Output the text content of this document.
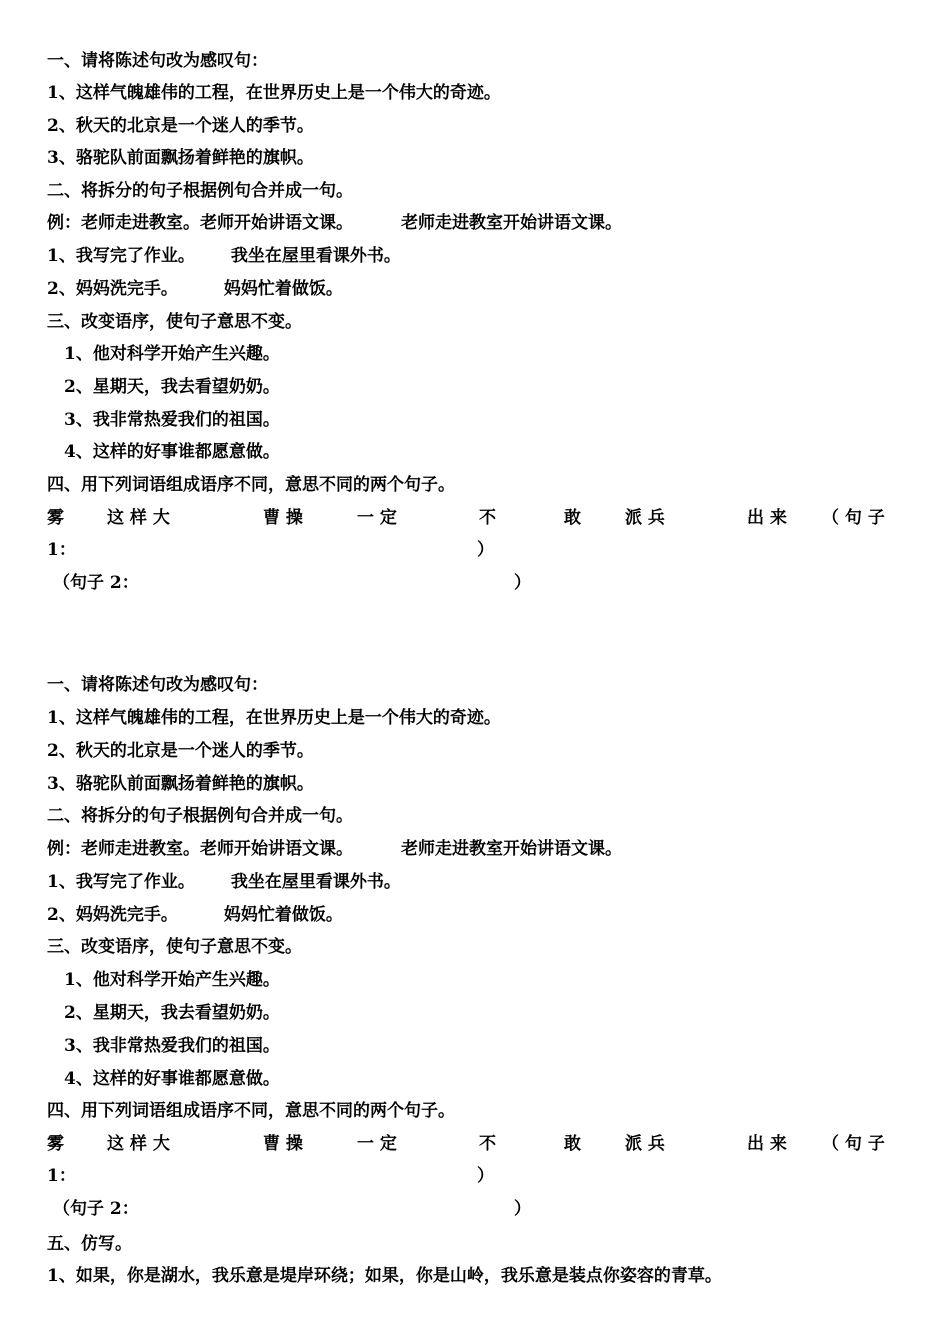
一、请将陈述句改为感叹句：
1、这样气魄雄伟的工程，在世界历史上是一个伟大的奇迹。
2、秋天的北京是一个迷人的季节。
3、骆驼队前面飘扬着鲜艳的旗帜。
二、将拆分的句子根据例句合并成一句。
例：老师走进教室。老师开始讲语文课。	老师走进教室开始讲语文课。
1、我写完了作业。 我坐在屋里看课外书。
2、妈妈洗完手。	妈妈忙着做饭。
三、改变语序，使句子意思不变。
1、他对科学开始产生兴趣。
2、星期天，我去看望奶奶。
3、我非常热爱我们的祖国。
4、这样的好事谁都愿意做。
四、用下列词语组成语序不同，意思不同的两个句子。
雾	这 样 大	曹 操	一 定	不	敢	派 兵	出 来 （ 句 子
1：	）
（句子 2：	）
一、请将陈述句改为感叹句：
1、这样气魄雄伟的工程，在世界历史上是一个伟大的奇迹。
2、秋天的北京是一个迷人的季节。
3、骆驼队前面飘扬着鲜艳的旗帜。
二、将拆分的句子根据例句合并成一句。
例：老师走进教室。老师开始讲语文课。	老师走进教室开始讲语文课。
1、我写完了作业。 我坐在屋里看课外书。
2、妈妈洗完手。	妈妈忙着做饭。
三、改变语序，使句子意思不变。
1、他对科学开始产生兴趣。
2、星期天，我去看望奶奶。
3、我非常热爱我们的祖国。
4、这样的好事谁都愿意做。
四、用下列词语组成语序不同，意思不同的两个句子。
雾	这 样 大	曹 操	一 定	不	敢	派 兵	出 来 （ 句 子
1：	）
（句子 2：	）
五、仿写。
1、如果，你是湖水，我乐意是堤岸环绕；如果，你是山岭，我乐意是装点你姿容的青草。
